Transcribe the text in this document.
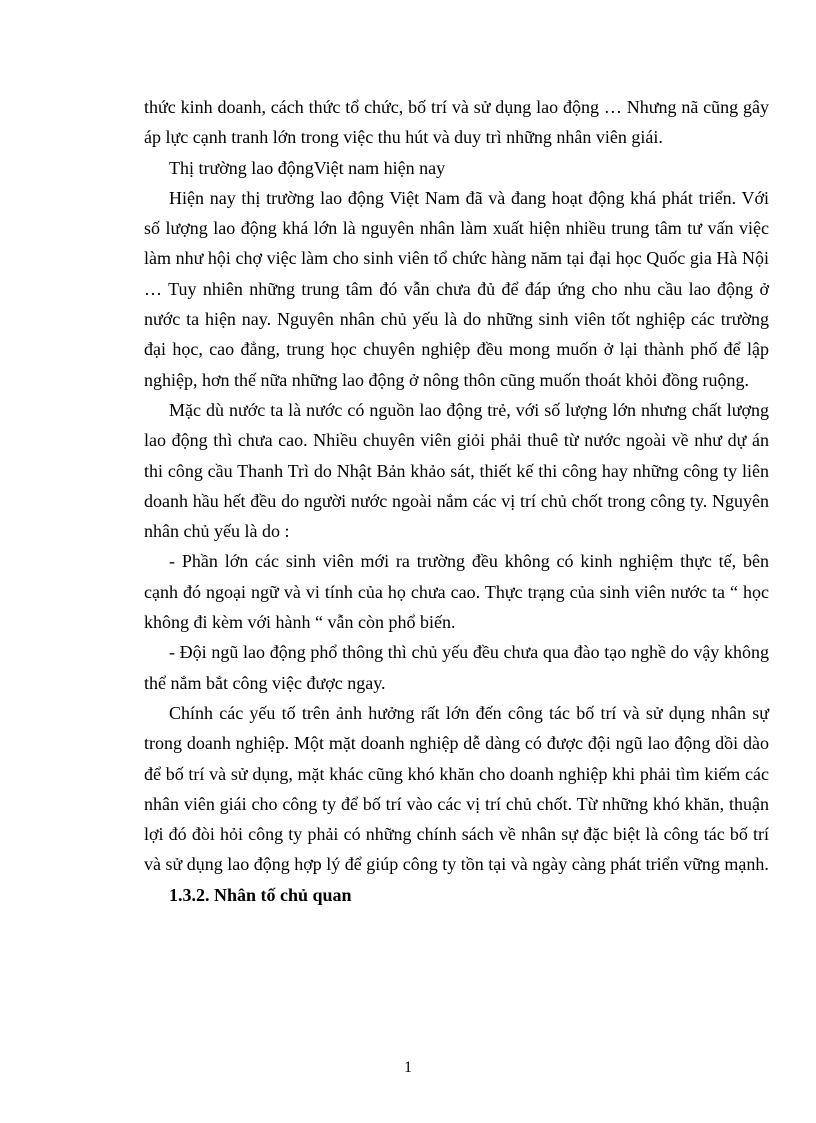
thức kinh doanh, cách thức tổ chức, bố trí và sử dụng lao động … Nhưng nã cũng gây áp lực cạnh tranh lớn trong việc thu hút và duy trì những nhân viên giái.

Thị trường lao độngViệt nam hiện nay

Hiện nay thị trường lao động Việt Nam đã và đang hoạt động khá phát triển. Với số lượng lao động khá lớn là nguyên nhân làm xuất hiện nhiều trung tâm tư vấn việc làm như hội chợ việc làm cho sinh viên tổ chức hàng năm tại đại học Quốc gia Hà Nội … Tuy nhiên những trung tâm đó vẫn chưa đủ để đáp ứng cho nhu cầu lao động ở nước ta hiện nay. Nguyên nhân chủ yếu là do những sinh viên tốt nghiệp các trường đại học, cao đẳng, trung học chuyên nghiệp đều mong muốn ở lại thành phố để lập nghiệp, hơn thế nữa những lao động ở nông thôn cũng muốn thoát khỏi đồng ruộng.

Mặc dù nước ta là nước có nguồn lao động trẻ, với số lượng lớn nhưng chất lượng lao động thì chưa cao. Nhiều chuyên viên giỏi phải thuê từ nước ngoài về như dự án thi công cầu Thanh Trì do Nhật Bản khảo sát, thiết kế thi công hay những công ty liên doanh hầu hết đều do người nước ngoài nắm các vị trí chủ chốt trong công ty. Nguyên nhân chủ yếu là do :

- Phần lớn các sinh viên mới ra trường đều không có kinh nghiệm thực tế, bên cạnh đó ngoại ngữ và vi tính của họ chưa cao. Thực trạng của sinh viên nước ta “ học không đi kèm với hành “ vẫn còn phổ biến.

- Đội ngũ lao động phổ thông thì chủ yếu đều chưa qua đào tạo nghề do vậy không thể nắm bắt công việc được ngay.

Chính các yếu tố trên ảnh hưởng rất lớn đến công tác bố trí và sử dụng nhân sự trong doanh nghiệp. Một mặt doanh nghiệp dễ dàng có được đội ngũ lao động dồi dào để bố trí và sử dụng, mặt khác cũng khó khăn cho doanh nghiệp khi phải tìm kiếm các nhân viên giái cho công ty để bố trí vào các vị trí chủ chốt. Từ những khó khăn, thuận lợi đó đòi hỏi công ty phải có những chính sách về nhân sự đặc biệt là công tác bố trí và sử dụng lao động hợp lý để giúp công ty tồn tại và ngày càng phát triển vững mạnh.

1.3.2. Nhân tố chủ quan

1
